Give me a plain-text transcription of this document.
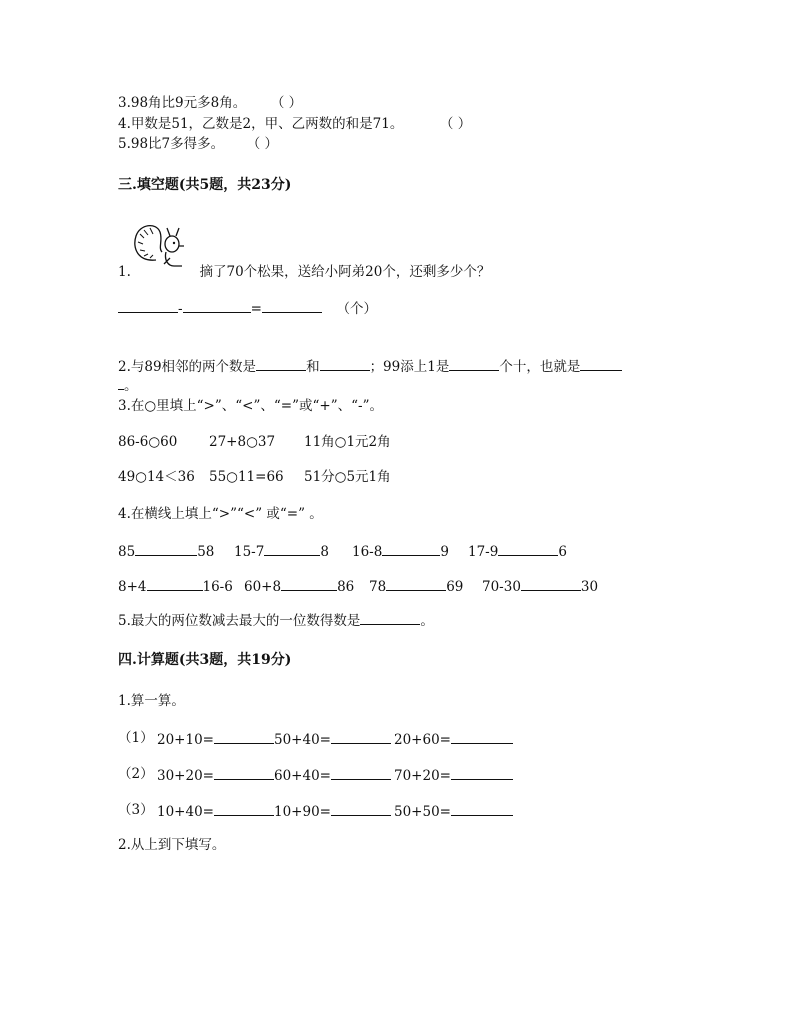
3.98角比9元多8角。 （ ）
4.甲数是51，乙数是2，甲、乙两数的和是71。	（ ）
5.98比7多得多。 （ ）
三.填空题(共5题，共23分)
1.	摘了70个松果，送给小阿弟20个，还剩多少个？
-	=	（个）
2.与89相邻的两个数是	和	；99添上1是	个十，也就是
。
3.在○里填上“>”、“<”、“=”或“+”、“-”。
86-6○60 27+8○37 11角○1元2角
49○14＜36 55○11=66 51分○5元1角
4.在横线上填上“>”“<” 或“=” 。
85	58 15-7	8 16-8	9 17-9	6
8+4	16-6 60+8	86 78	69 70-30	30
5.最大的两位数减去最大的一位数得数是	。
四.计算题(共3题，共19分)
1.算一算。
（1） 20+10=	50+40=	20+60=
（2） 30+20=	60+40=	70+20=
（3） 10+40=	10+90=	50+50=
2.从上到下填写。
